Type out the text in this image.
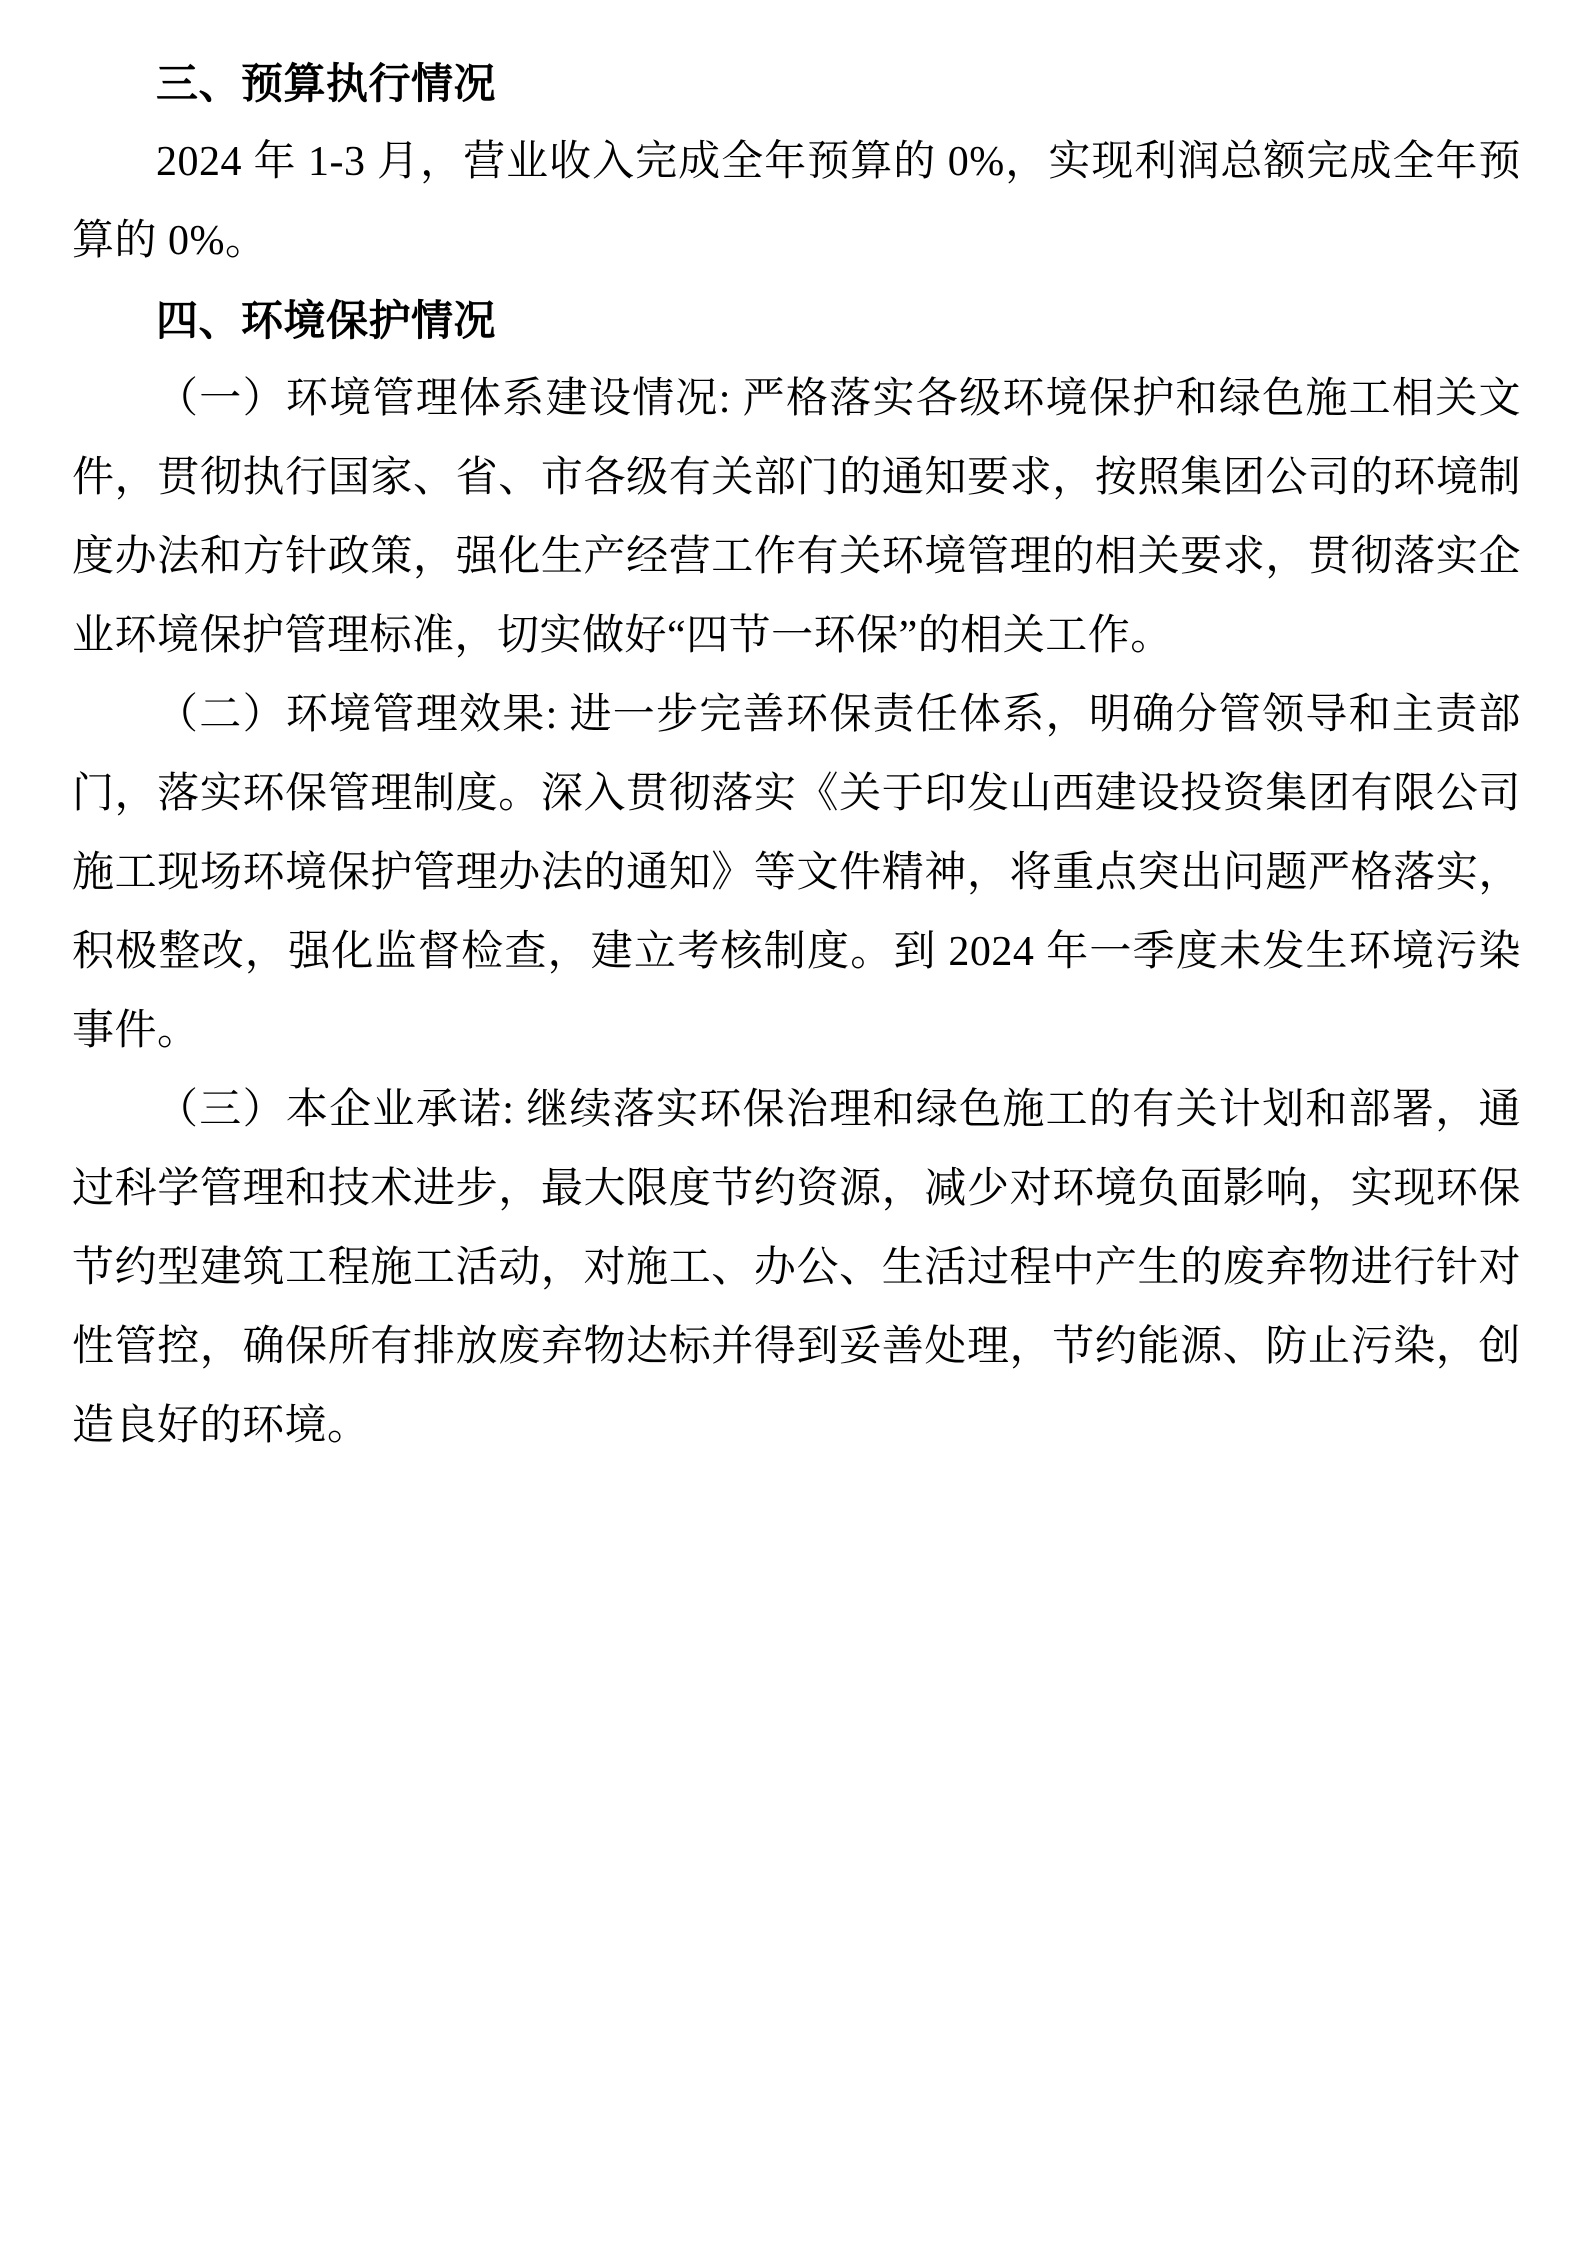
三、预算执行情况

2024 年 1-3 月，营业收入完成全年预算的 0%，实现利润总额完成全年预算的 0%。

四、环境保护情况

（一）环境管理体系建设情况: 严格落实各级环境保护和绿色施工相关文件，贯彻执行国家、省、市各级有关部门的通知要求，按照集团公司的环境制度办法和方针政策，强化生产经营工作有关环境管理的相关要求，贯彻落实企业环境保护管理标准，切实做好“四节一环保”的相关工作。

（二）环境管理效果: 进一步完善环保责任体系，明确分管领导和主责部门，落实环保管理制度。深入贯彻落实《关于印发山西建设投资集团有限公司施工现场环境保护管理办法的通知》等文件精神，将重点突出问题严格落实，积极整改，强化监督检查，建立考核制度。到 2024 年一季度未发生环境污染事件。

（三）本企业承诺: 继续落实环保治理和绿色施工的有关计划和部署，通过科学管理和技术进步，最大限度节约资源，减少对环境负面影响，实现环保节约型建筑工程施工活动，对施工、办公、生活过程中产生的废弃物进行针对性管控，确保所有排放废弃物达标并得到妥善处理，节约能源、防止污染，创造良好的环境。
